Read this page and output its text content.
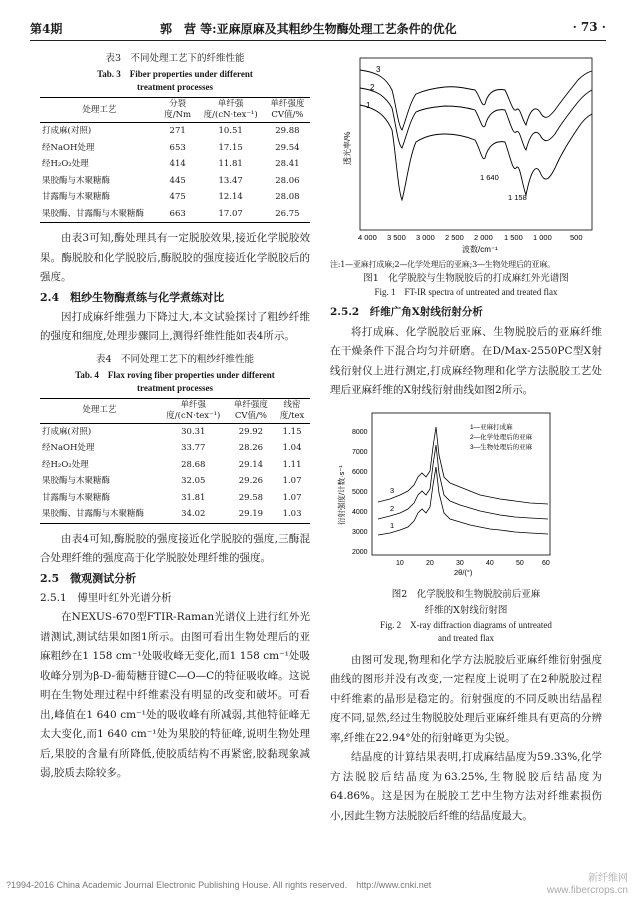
第4期	郭　营 等:亚麻原麻及其粗纱生物酶处理工艺条件的优化	· 73 ·
表3　不同处理工艺下的纤维性能
Tab. 3　Fiber properties under different
treatment processes
处理工艺	分裂度/Nm	单纤强度/(cN·tex⁻¹)	单纤强度CV值/%
打成麻(对照)	271	10.51	29.88
经NaOH处理	653	17.15	29.54
经H₂O₂处理	414	11.81	28.41
果胶酶与木聚糖酶	445	13.47	28.06
甘露酶与木聚糖酶	475	12.14	28.08
果胶酶、甘露酶与木聚糖酶	663	17.07	26.75

由表3可知,酶处理具有一定脱胶效果,接近化学脱胶效果。酶脱胶和化学脱胶后,酶脱胶的强度接近化学脱胶后的强度。

2.4　粗纱生物酶煮练与化学煮练对比

因打成麻纤维强力下降过大,本文试验探讨了粗纱纤维的强度和细度,处理步骤同上,测得纤维性能如表4所示。

表4　不同处理工艺下的粗纱纤维性能
Tab. 4　Flax roving fiber properties under different
treatment processes
处理工艺	单纤强度/(cN·tex⁻¹)	单纤强度CV值/%	线密度/tex
打成麻(对照)	30.31	29.92	1.15
经NaOH处理	33.77	28.26	1.04
经H₂O₂处理	28.68	29.14	1.11
果胶酶与木聚糖酶	32.05	29.26	1.07
甘露酶与木聚糖酶	31.81	29.58	1.07
果胶酶、甘露酶与木聚糖酶	34.02	29.19	1.03

由表4可知,酶脱胶的强度接近化学脱胶的强度,三酶混合处理纤维的强度高于化学脱胶处理纤维的强度。

2.5　微观测试分析
2.5.1　傅里叶红外光谱分析

在NEXUS-670型FTIR-Raman光谱仪上进行红外光谱测试,测试结果如图1所示。由图可看出生物处理后的亚麻粗纱在1 158 cm⁻¹处吸收峰无变化,而1 158 cm⁻¹处吸收峰分别为β-D-葡萄糖苷键C—O—C的特征吸收峰。这说明在生物处理过程中纤维素没有明显的改变和破坏。可看出,峰值在1 640 cm⁻¹处的吸收峰有所减弱,其他特征峰无太大变化,而1 640 cm⁻¹处为果胶的特征峰,说明生物处理后,果胶的含量有所降低,使胶质结构不再紧密,胶黏现象减弱,胶质去除较多。

透光率/%
3
2
1
1 640
1 158
4 000 3 500 3 000 2 500 2 000 1 500 1 000 500
波数/cm⁻¹
注:1—亚麻打成麻;2—化学处理后的亚麻;3—生物处理后的亚麻。
图1　化学脱胶与生物脱胶后的打成麻红外光谱图
Fig. 1　FT-IR spectra of untreated and treated flax
2.5.2　纤维广角X射线衍射分析

将打成麻、化学脱胶后亚麻、生物脱胶后的亚麻纤维在干燥条件下混合均匀并研磨。在D/Max-2550PC型X射线衍射仪上进行测定,打成麻经物理和化学方法脱胶工艺处理后亚麻纤维的X射线衍射曲线如图2所示。

衍射强度/计数·s⁻¹
2000
3000
4000
5000
6000
7000
8000
3
2
1
1—亚麻打成麻
2—化学处理后的亚麻
3—生物处理后的亚麻
10	20	30	40	50	60
2θ/(°)
图2　化学脱胶和生物脱胶前后亚麻
纤维的X射线衍射图
Fig. 2　X-ray diffraction diagrams of untreated
and treated flax

由图可发现,物理和化学方法脱胶后亚麻纤维衍射强度曲线的图形并没有改变,一定程度上说明了在2种脱胶过程中纤维素的晶形是稳定的。衍射强度的不同反映出结晶程度不同,显然,经过生物脱胶处理后亚麻纤维具有更高的分辨率,纤维在22.94°处的衍射峰更为尖锐。

结晶度的计算结果表明,打成麻结晶度为59.33%,化学方法脱胶后结晶度为63.25%,生物脱胶后结晶度为64.86%。这是因为在脱胶工艺中生物方法对纤维素损伤小,因此生物方法脱胶后纤维的结晶度最大。

?1994-2016 China Academic Journal Electronic Publishing House. All rights reserved.　http://www.cnki.net
新纤维网
www.fibercrops.cn
